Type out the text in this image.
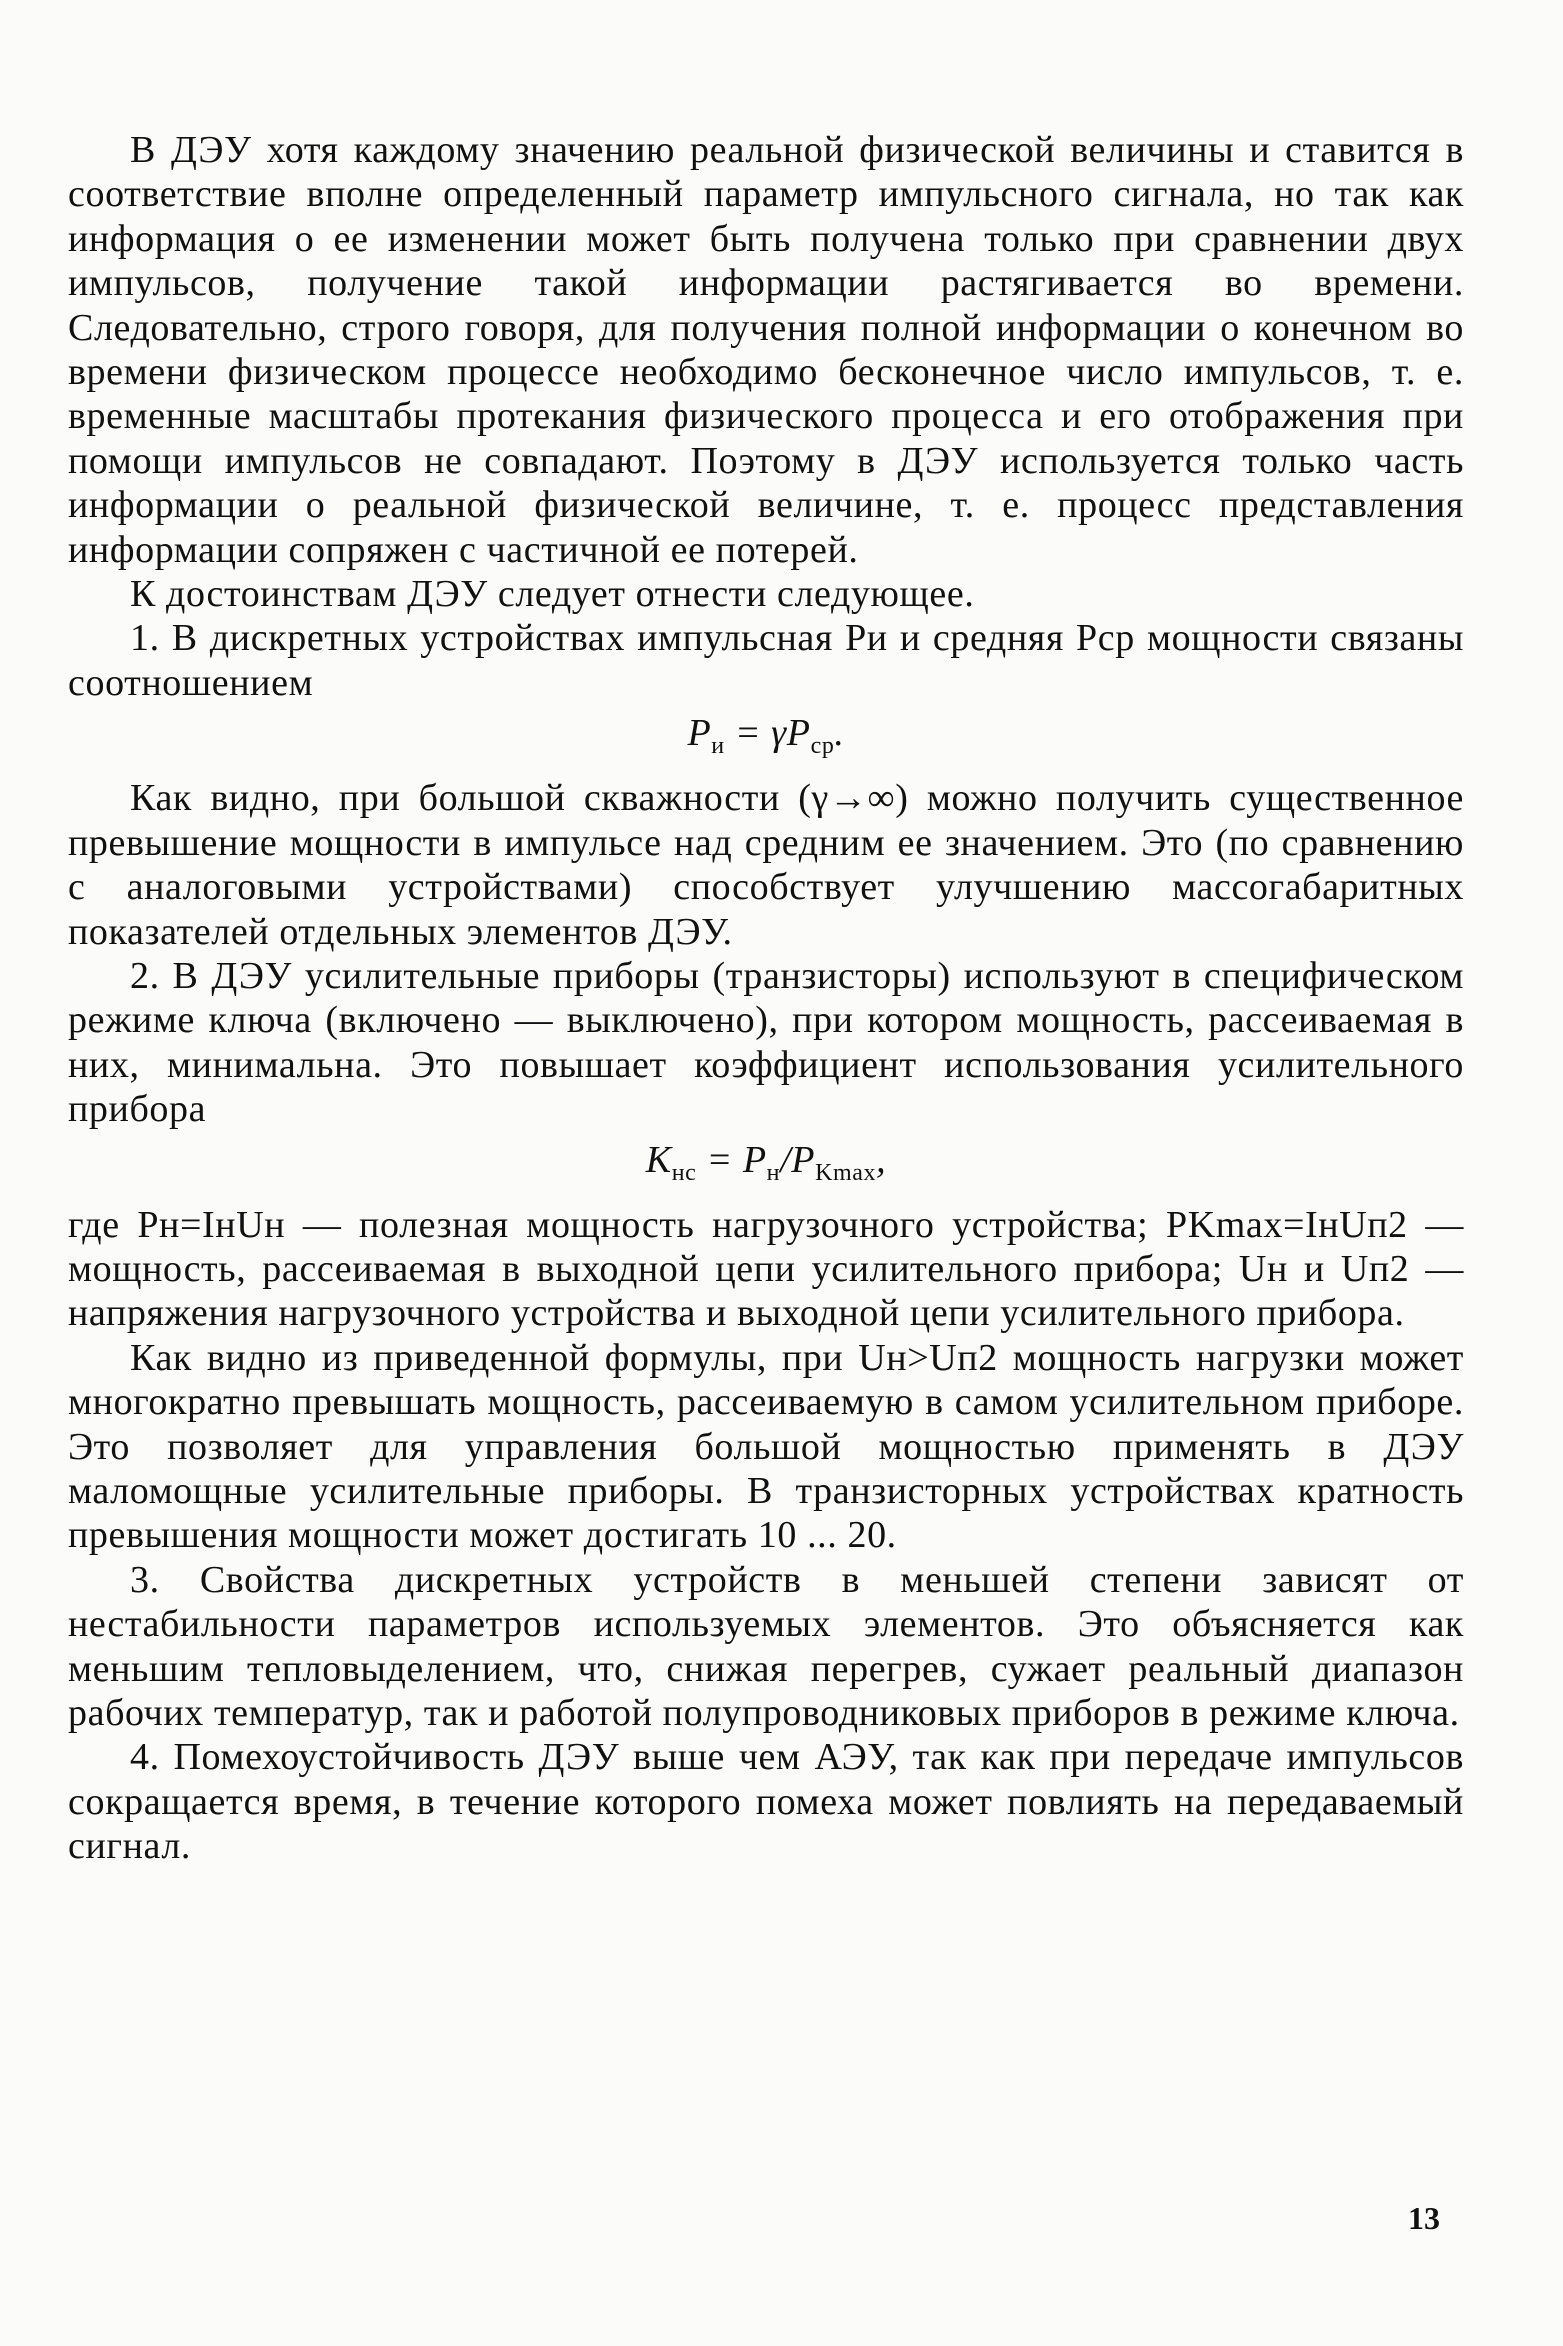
В ДЭУ хотя каждому значению реальной физической величины и ставится в соответствие вполне определенный параметр импульсного сигнала, но так как информация о ее изменении может быть получена только при сравнении двух импульсов, получение такой информации растягивается во времени. Следовательно, строго говоря, для получения полной информации о конечном во времени физическом процессе необходимо бесконечное число импульсов, т. е. временные масштабы протекания физического процесса и его отображения при помощи импульсов не совпадают. Поэтому в ДЭУ используется только часть информации о реальной физической величине, т. е. процесс представления информации сопряжен с частичной ее потерей.

К достоинствам ДЭУ следует отнести следующее.

1. В дискретных устройствах импульсная Pи и средняя Pср мощности связаны соотношением

$P_и = \gamma P_{ср}$.

Как видно, при большой скважности (γ→∞) можно получить существенное превышение мощности в импульсе над средним ее значением. Это (по сравнению с аналоговыми устройствами) способствует улучшению массогабаритных показателей отдельных элементов ДЭУ.

2. В ДЭУ усилительные приборы (транзисторы) используют в специфическом режиме ключа (включено — выключено), при котором мощность, рассеиваемая в них, минимальна. Это повышает коэффициент использования усилительного прибора

$K_{нс} = P_н/P_{Kmax}$,

где Pн=IнUн — полезная мощность нагрузочного устройства; PKmax=IнUп2 — мощность, рассеиваемая в выходной цепи усилительного прибора; Uн и Uп2 — напряжения нагрузочного устройства и выходной цепи усилительного прибора.

Как видно из приведенной формулы, при Uн>Uп2 мощность нагрузки может многократно превышать мощность, рассеиваемую в самом усилительном приборе. Это позволяет для управления большой мощностью применять в ДЭУ маломощные усилительные приборы. В транзисторных устройствах кратность превышения мощности может достигать 10 ... 20.

3. Свойства дискретных устройств в меньшей степени зависят от нестабильности параметров используемых элементов. Это объясняется как меньшим тепловыделением, что, снижая перегрев, сужает реальный диапазон рабочих температур, так и работой полупроводниковых приборов в режиме ключа.

4. Помехоустойчивость ДЭУ выше чем АЭУ, так как при передаче импульсов сокращается время, в течение которого помеха может повлиять на передаваемый сигнал.

13
